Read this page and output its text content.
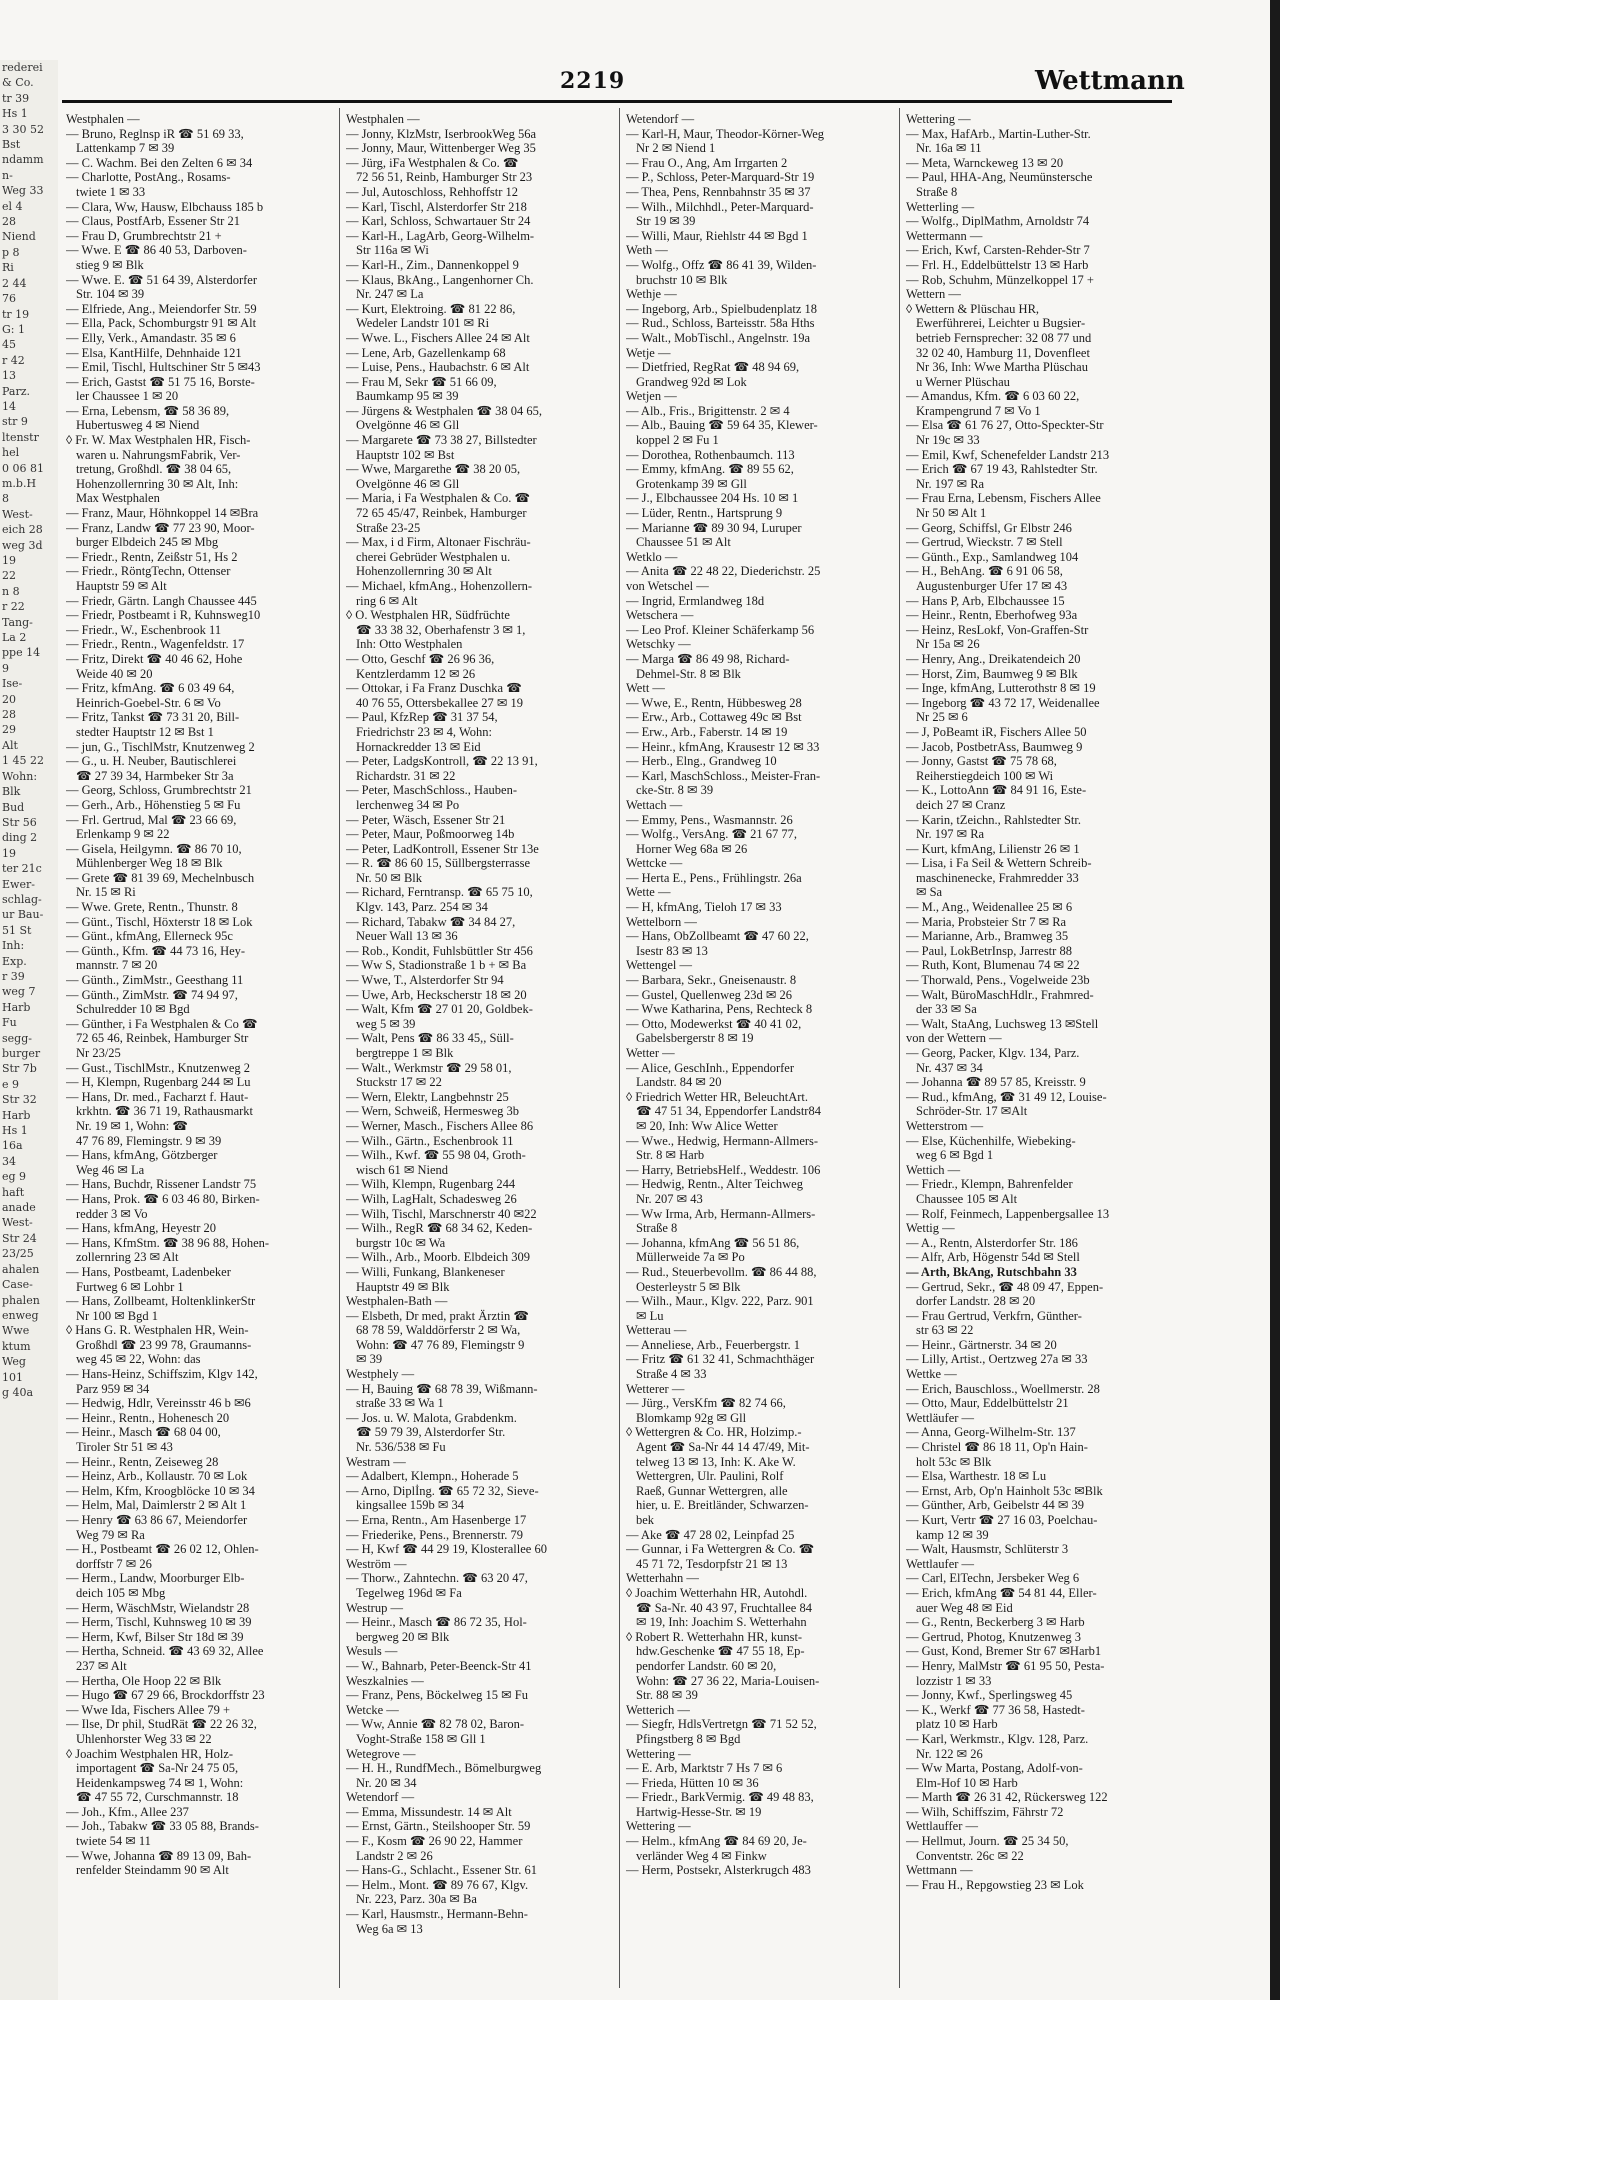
rederei
& Co.
tr 39
Hs 1
3 30 52
Bst
ndamm
n-
Weg 33
el 4
28
Niend
p 8
Ri
2 44
76
tr 19
G: 1
45
r 42
13
Parz.
14
str 9
ltenstr
hel
0 06 81
m.b.H
8
West-
eich 28
weg 3d
19
22
n 8
r 22
Tang-
La 2
ppe 14
9
Ise-
20
28
29
Alt
1 45 22
Wohn:
Blk
Bud
Str 56
ding 2
19
ter 21c
Ewer-
schlag-
ur Bau-
51 St
Inh:
Exp.
r 39
weg 7
Harb
Fu
segg-
burger
Str 7b
e 9
Str 32
Harb
Hs 1
16a
34
eg 9
haft
anade
West-
Str 24
23/25
ahalen
Case-
phalen
enweg
Wwe
ktum
Weg
101
g 40a
2219	Wettmann
Westphalen —
— Bruno, Reglnsp iR ☎ 51 69 33,
Lattenkamp 7 ✉ 39
— C. Wachm. Bei den Zelten 6 ✉ 34
— Charlotte, PostAng., Rosams-
twiete 1 ✉ 33
— Clara, Ww, Hausw, Elbchauss 185 b
— Claus, PostfArb, Essener Str 21
— Frau D, Grumbrechtstr 21 +
— Wwe. E ☎ 86 40 53, Darboven-
stieg 9 ✉ Blk
— Wwe. E. ☎ 51 64 39, Alsterdorfer
Str. 104 ✉ 39
— Elfriede, Ang., Meiendorfer Str. 59
— Ella, Pack, Schomburgstr 91 ✉ Alt
— Elly, Verk., Amandastr. 35 ✉ 6
— Elsa, KantHilfe, Dehnhaide 121
— Emil, Tischl, Hultschiner Str 5 ✉43
— Erich, Gastst ☎ 51 75 16, Borste-
ler Chaussee 1 ✉ 20
— Erna, Lebensm, ☎ 58 36 89,
Hubertusweg 4 ✉ Niend
◊ Fr. W. Max Westphalen HR, Fisch-
waren u. NahrungsmFabrik, Ver-
tretung, Großhdl. ☎ 38 04 65,
Hohenzollernring 30 ✉ Alt, Inh:
Max Westphalen
— Franz, Maur, Höhnkoppel 14 ✉Bra
— Franz, Landw ☎ 77 23 90, Moor-
burger Elbdeich 245 ✉ Mbg
— Friedr., Rentn, Zeißstr 51, Hs 2
— Friedr., RöntgTechn, Ottenser
Hauptstr 59 ✉ Alt
— Friedr, Gärtn. Langh Chaussee 445
— Friedr, Postbeamt i R, Kuhnsweg10
— Friedr., W., Eschenbrook 11
— Friedr., Rentn., Wagenfeldstr. 17
— Fritz, Direkt ☎ 40 46 62, Hohe
Weide 40 ✉ 20
— Fritz, kfmAng. ☎ 6 03 49 64,
Heinrich-Goebel-Str. 6 ✉ Vo
— Fritz, Tankst ☎ 73 31 20, Bill-
stedter Hauptstr 12 ✉ Bst 1
— jun, G., TischlMstr, Knutzenweg 2
— G., u. H. Neuber, Bautischlerei
☎ 27 39 34, Harmbeker Str 3a
— Georg, Schloss, Grumbrechtstr 21
— Gerh., Arb., Höhenstieg 5 ✉ Fu
— Frl. Gertrud, Mal ☎ 23 66 69,
Erlenkamp 9 ✉ 22
— Gisela, Heilgymn. ☎ 86 70 10,
Mühlenberger Weg 18 ✉ Blk
— Grete ☎ 81 39 69, Mechelnbusch
Nr. 15 ✉ Ri
— Wwe. Grete, Rentn., Thunstr. 8
— Günt., Tischl, Höxterstr 18 ✉ Lok
— Günt., kfmAng, Ellerneck 95c
— Günth., Kfm. ☎ 44 73 16, Hey-
mannstr. 7 ✉ 20
— Günth., ZimMstr., Geesthang 11
— Günth., ZimMstr. ☎ 74 94 97,
Schulredder 10 ✉ Bgd
— Günther, i Fa Westphalen & Co ☎
72 65 46, Reinbek, Hamburger Str
Nr 23/25
— Gust., TischlMstr., Knutzenweg 2
— H, Klempn, Rugenbarg 244 ✉ Lu
— Hans, Dr. med., Facharzt f. Haut-
krkhtn. ☎ 36 71 19, Rathausmarkt
Nr. 19 ✉ 1, Wohn: ☎
47 76 89, Flemingstr. 9 ✉ 39
— Hans, kfmAng, Götzberger
Weg 46 ✉ La
— Hans, Buchdr, Rissener Landstr 75
— Hans, Prok. ☎ 6 03 46 80, Birken-
redder 3 ✉ Vo
— Hans, kfmAng, Heyestr 20
— Hans, KfmStm. ☎ 38 96 88, Hohen-
zollernring 23 ✉ Alt
— Hans, Postbeamt, Ladenbeker
Furtweg 6 ✉ Lohbr 1
— Hans, Zollbeamt, HoltenklinkerStr
Nr 100 ✉ Bgd 1
◊ Hans G. R. Westphalen HR, Wein-
Großhdl ☎ 23 99 78, Graumanns-
weg 45 ✉ 22, Wohn: das
— Hans-Heinz, Schiffszim, Klgv 142,
Parz 959 ✉ 34
— Hedwig, Hdlr, Vereinsstr 46 b ✉6
— Heinr., Rentn., Hohenesch 20
— Heinr., Masch ☎ 68 04 00,
Tiroler Str 51 ✉ 43
— Heinr., Rentn, Zeiseweg 28
— Heinz, Arb., Kollaustr. 70 ✉ Lok
— Helm, Kfm, Kroogblöcke 10 ✉ 34
— Helm, Mal, Daimlerstr 2 ✉ Alt 1
— Henry ☎ 63 86 67, Meiendorfer
Weg 79 ✉ Ra
— H., Postbeamt ☎ 26 02 12, Ohlen-
dorffstr 7 ✉ 26
— Herm., Landw, Moorburger Elb-
deich 105 ✉ Mbg
— Herm, WäschMstr, Wielandstr 28
— Herm, Tischl, Kuhnsweg 10 ✉ 39
— Herm, Kwf, Bilser Str 18d ✉ 39
— Hertha, Schneid. ☎ 43 69 32, Allee
237 ✉ Alt
— Hertha, Ole Hoop 22 ✉ Blk
— Hugo ☎ 67 29 66, Brockdorffstr 23
— Wwe Ida, Fischers Allee 79 +
— Ilse, Dr phil, StudRät ☎ 22 26 32,
Uhlenhorster Weg 33 ✉ 22
◊ Joachim Westphalen HR, Holz-
importagent ☎ Sa-Nr 24 75 05,
Heidenkampsweg 74 ✉ 1, Wohn:
☎ 47 55 72, Curschmannstr. 18
— Joh., Kfm., Allee 237
— Joh., Tabakw ☎ 33 05 88, Brands-
twiete 54 ✉ 11
— Wwe, Johanna ☎ 89 13 09, Bah-
renfelder Steindamm 90 ✉ Alt
Westphalen —
— Jonny, KlzMstr, IserbrookWeg 56a
— Jonny, Maur, Wittenberger Weg 35
— Jürg, iFa Westphalen & Co. ☎
72 56 51, Reinb, Hamburger Str 23
— Jul, Autoschloss, Rehhoffstr 12
— Karl, Tischl, Alsterdorfer Str 218
— Karl, Schloss, Schwartauer Str 24
— Karl-H., LagArb, Georg-Wilhelm-
Str 116a ✉ Wi
— Karl-H., Zim., Dannenkoppel 9
— Klaus, BkAng., Langenhorner Ch.
Nr. 247 ✉ La
— Kurt, Elektroing. ☎ 81 22 86,
Wedeler Landstr 101 ✉ Ri
— Wwe. L., Fischers Allee 24 ✉ Alt
— Lene, Arb, Gazellenkamp 68
— Luise, Pens., Haubachstr. 6 ✉ Alt
— Frau M, Sekr ☎ 51 66 09,
Baumkamp 95 ✉ 39
— Jürgens & Westphalen ☎ 38 04 65,
Ovelgönne 46 ✉ Gll
— Margarete ☎ 73 38 27, Billstedter
Hauptstr 102 ✉ Bst
— Wwe, Margarethe ☎ 38 20 05,
Ovelgönne 46 ✉ Gll
— Maria, i Fa Westphalen & Co. ☎
72 65 45/47, Reinbek, Hamburger
Straße 23-25
— Max, i d Firm, Altonaer Fischräu-
cherei Gebrüder Westphalen u.
Hohenzollernring 30 ✉ Alt
— Michael, kfmAng., Hohenzollern-
ring 6 ✉ Alt
◊ O. Westphalen HR, Südfrüchte
☎ 33 38 32, Oberhafenstr 3 ✉ 1,
Inh: Otto Westphalen
— Otto, Geschf ☎ 26 96 36,
Kentzlerdamm 12 ✉ 26
— Ottokar, i Fa Franz Duschka ☎
40 76 55, Ottersbekallee 27 ✉ 19
— Paul, KfzRep ☎ 31 37 54,
Friedrichstr 23 ✉ 4, Wohn:
Hornackredder 13 ✉ Eid
— Peter, LadgsKontroll, ☎ 22 13 91,
Richardstr. 31 ✉ 22
— Peter, MaschSchloss., Hauben-
lerchenweg 34 ✉ Po
— Peter, Wäsch, Essener Str 21
— Peter, Maur, Poßmoorweg 14b
— Peter, LadKontroll, Essener Str 13e
— R. ☎ 86 60 15, Süllbergsterrasse
Nr. 50 ✉ Blk
— Richard, Ferntransp. ☎ 65 75 10,
Klgv. 143, Parz. 254 ✉ 34
— Richard, Tabakw ☎ 34 84 27,
Neuer Wall 13 ✉ 36
— Rob., Kondit, Fuhlsbüttler Str 456
— Ww S, Stadionstraße 1 b + ✉ Ba
— Wwe, T., Alsterdorfer Str 94
— Uwe, Arb, Heckscherstr 18 ✉ 20
— Walt, Kfm ☎ 27 01 20, Goldbek-
weg 5 ✉ 39
— Walt, Pens ☎ 86 33 45,, Süll-
bergtreppe 1 ✉ Blk
— Walt., Werkmstr ☎ 29 58 01,
Stuckstr 17 ✉ 22
— Wern, Elektr, Langbehnstr 25
— Wern, Schweiß, Hermesweg 3b
— Werner, Masch., Fischers Allee 86
— Wilh., Gärtn., Eschenbrook 11
— Wilh., Kwf. ☎ 55 98 04, Groth-
wisch 61 ✉ Niend
— Wilh, Klempn, Rugenbarg 244
— Wilh, LagHalt, Schadesweg 26
— Wilh, Tischl, Marschnerstr 40 ✉22
— Wilh., RegR ☎ 68 34 62, Keden-
burgstr 10c ✉ Wa
— Wilh., Arb., Moorb. Elbdeich 309
— Willi, Funkang, Blankeneser
Hauptstr 49 ✉ Blk
Westphalen-Bath —
— Elsbeth, Dr med, prakt Ärztin ☎
68 78 59, Walddörferstr 2 ✉ Wa,
Wohn: ☎ 47 76 89, Flemingstr 9
✉ 39
Westphely —
— H, Bauing ☎ 68 78 39, Wißmann-
straße 33 ✉ Wa 1
— Jos. u. W. Malota, Grabdenkm.
☎ 59 79 39, Alsterdorfer Str.
Nr. 536/538 ✉ Fu
Westram —
— Adalbert, Klempn., Hoherade 5
— Arno, Diplİng. ☎ 65 72 32, Sieve-
kingsallee 159b ✉ 34
— Erna, Rentn., Am Hasenberge 17
— Friederike, Pens., Brennerstr. 79
— H, Kwf ☎ 44 29 19, Klosterallee 60
Weström —
— Thorw., Zahntechn. ☎ 63 20 47,
Tegelweg 196d ✉ Fa
Westrup —
— Heinr., Masch ☎ 86 72 35, Hol-
bergweg 20 ✉ Blk
Wesuls —
— W., Bahnarb, Peter-Beenck-Str 41
Weszkalnies —
— Franz, Pens, Böckelweg 15 ✉ Fu
Wetcke —
— Ww, Annie ☎ 82 78 02, Baron-
Voght-Straße 158 ✉ Gll 1
Wetegrove —
— H. H., RundfMech., Bömelburgweg
Nr. 20 ✉ 34
Wetendorf —
— Emma, Missundestr. 14 ✉ Alt
— Ernst, Gärtn., Steilshooper Str. 59
— F., Kosm ☎ 26 90 22, Hammer
Landstr 2 ✉ 26
— Hans-G., Schlacht., Essener Str. 61
— Helm., Mont. ☎ 89 76 67, Klgv.
Nr. 223, Parz. 30a ✉ Ba
— Karl, Hausmstr., Hermann-Behn-
Weg 6a ✉ 13
Wetendorf —
— Karl-H, Maur, Theodor-Körner-Weg
Nr 2 ✉ Niend 1
— Frau O., Ang, Am Irrgarten 2
— P., Schloss, Peter-Marquard-Str 19
— Thea, Pens, Rennbahnstr 35 ✉ 37
— Wilh., Milchhdl., Peter-Marquard-
Str 19 ✉ 39
— Willi, Maur, Riehlstr 44 ✉ Bgd 1
Weth —
— Wolfg., Offz ☎ 86 41 39, Wilden-
bruchstr 10 ✉ Blk
Wethje —
— Ingeborg, Arb., Spielbudenplatz 18
— Rud., Schloss, Barteisstr. 58a Hths
— Walt., MobTischl., Angelnstr. 19a
Wetje —
— Dietfried, RegRat ☎ 48 94 69,
Grandweg 92d ✉ Lok
Wetjen —
— Alb., Fris., Brigittenstr. 2 ✉ 4
— Alb., Bauing ☎ 59 64 35, Klewer-
koppel 2 ✉ Fu 1
— Dorothea, Rothenbaumch. 113
— Emmy, kfmAng. ☎ 89 55 62,
Grotenkamp 39 ✉ Gll
— J., Elbchaussee 204 Hs. 10 ✉ 1
— Lüder, Rentn., Hartsprung 9
— Marianne ☎ 89 30 94, Luruper
Chaussee 51 ✉ Alt
Wetklo —
— Anita ☎ 22 48 22, Diederichstr. 25
von Wetschel —
— Ingrid, Ermlandweg 18d
Wetschera —
— Leo Prof. Kleiner Schäferkamp 56
Wetschky —
— Marga ☎ 86 49 98, Richard-
Dehmel-Str. 8 ✉ Blk
Wett —
— Wwe, E., Rentn, Hübbesweg 28
— Erw., Arb., Cottaweg 49c ✉ Bst
— Erw., Arb., Faberstr. 14 ✉ 19
— Heinr., kfmAng, Krausestr 12 ✉ 33
— Herb., Elng., Grandweg 10
— Karl, MaschSchloss., Meister-Fran-
cke-Str. 8 ✉ 39
Wettach —
— Emmy, Pens., Wasmannstr. 26
— Wolfg., VersAng. ☎ 21 67 77,
Horner Weg 68a ✉ 26
Wettcke —
— Herta E., Pens., Frühlingstr. 26a
Wette —
— H, kfmAng, Tieloh 17 ✉ 33
Wettelborn —
— Hans, ObZollbeamt ☎ 47 60 22,
Isestr 83 ✉ 13
Wettengel —
— Barbara, Sekr., Gneisenaustr. 8
— Gustel, Quellenweg 23d ✉ 26
— Wwe Katharina, Pens, Rechteck 8
— Otto, Modewerkst ☎ 40 41 02,
Gabelsbergerstr 8 ✉ 19
Wetter —
— Alice, GeschInh., Eppendorfer
Landstr. 84 ✉ 20
◊ Friedrich Wetter HR, BeleuchtArt.
☎ 47 51 34, Eppendorfer Landstr84
✉ 20, Inh: Ww Alice Wetter
— Wwe., Hedwig, Hermann-Allmers-
Str. 8 ✉ Harb
— Harry, BetriebsHelf., Weddestr. 106
— Hedwig, Rentn., Alter Teichweg
Nr. 207 ✉ 43
— Ww Irma, Arb, Hermann-Allmers-
Straße 8
— Johanna, kfmAng ☎ 56 51 86,
Müllerweide 7a ✉ Po
— Rud., Steuerbevollm. ☎ 86 44 88,
Oesterleystr 5 ✉ Blk
— Wilh., Maur., Klgv. 222, Parz. 901
✉ Lu
Wetterau —
— Anneliese, Arb., Feuerbergstr. 1
— Fritz ☎ 61 32 41, Schmachthäger
Straße 4 ✉ 33
Wetterer —
— Jürg., VersKfm ☎ 82 74 66,
Blomkamp 92g ✉ Gll
◊ Wettergren & Co. HR, Holzimp.-
Agent ☎ Sa-Nr 44 14 47/49, Mit-
telweg 13 ✉ 13, Inh: K. Ake W.
Wettergren, Ulr. Paulini, Rolf
Raeß, Gunnar Wettergren, alle
hier, u. E. Breitländer, Schwarzen-
bek
— Ake ☎ 47 28 02, Leinpfad 25
— Gunnar, i Fa Wettergren & Co. ☎
45 71 72, Tesdorpfstr 21 ✉ 13
Wetterhahn —
◊ Joachim Wetterhahn HR, Autohdl.
☎ Sa-Nr. 40 43 97, Fruchtallee 84
✉ 19, Inh: Joachim S. Wetterhahn
◊ Robert R. Wetterhahn HR, kunst-
hdw.Geschenke ☎ 47 55 18, Ep-
pendorfer Landstr. 60 ✉ 20,
Wohn: ☎ 27 36 22, Maria-Louisen-
Str. 88 ✉ 39
Wetterich —
— Siegfr, HdlsVertretgn ☎ 71 52 52,
Pfingstberg 8 ✉ Bgd
Wettering —
— E. Arb, Marktstr 7 Hs 7 ✉ 6
— Frieda, Hütten 10 ✉ 36
— Friedr., BarkVermig. ☎ 49 48 83,
Hartwig-Hesse-Str. ✉ 19
Wettering —
— Helm., kfmAng ☎ 84 69 20, Je-
verländer Weg 4 ✉ Finkw
— Herm, Postsekr, Alsterkrugch 483
Wettering —
— Max, HafArb., Martin-Luther-Str.
Nr. 16a ✉ 11
— Meta, Warnckeweg 13 ✉ 20
— Paul, HHA-Ang, Neumünstersche
Straße 8
Wetterling —
— Wolfg., DiplMathm, Arnoldstr 74
Wettermann —
— Erich, Kwf, Carsten-Rehder-Str 7
— Frl. H., Eddelbüttelstr 13 ✉ Harb
— Rob, Schuhm, Münzelkoppel 17 +
Wettern —
◊ Wettern & Plüschau HR,
Ewerführerei, Leichter u Bugsier-
betrieb Fernsprecher: 32 08 77 und
32 02 40, Hamburg 11, Dovenfleet
Nr 36, Inh: Wwe Martha Plüschau
u Werner Plüschau
— Amandus, Kfm. ☎ 6 03 60 22,
Krampengrund 7 ✉ Vo 1
— Elsa ☎ 61 76 27, Otto-Speckter-Str
Nr 19c ✉ 33
— Emil, Kwf, Schenefelder Landstr 213
— Erich ☎ 67 19 43, Rahlstedter Str.
Nr. 197 ✉ Ra
— Frau Erna, Lebensm, Fischers Allee
Nr 50 ✉ Alt 1
— Georg, Schiffsl, Gr Elbstr 246
— Gertrud, Wieckstr. 7 ✉ Stell
— Günth., Exp., Samlandweg 104
— H., BehAng. ☎ 6 91 06 58,
Augustenburger Ufer 17 ✉ 43
— Hans P, Arb, Elbchaussee 15
— Heinr., Rentn, Eberhofweg 93a
— Heinz, ResLokf, Von-Graffen-Str
Nr 15a ✉ 26
— Henry, Ang., Dreikatendeich 20
— Horst, Zim, Baumweg 9 ✉ Blk
— Inge, kfmAng, Lutterothstr 8 ✉ 19
— Ingeborg ☎ 43 72 17, Weidenallee
Nr 25 ✉ 6
— J, PoBeamt iR, Fischers Allee 50
— Jacob, PostbetrAss, Baumweg 9
— Jonny, Gastst ☎ 75 78 68,
Reiherstiegdeich 100 ✉ Wi
— K., LottoAnn ☎ 84 91 16, Este-
deich 27 ✉ Cranz
— Karin, tZeichn., Rahlstedter Str.
Nr. 197 ✉ Ra
— Kurt, kfmAng, Lilienstr 26 ✉ 1
— Lisa, i Fa Seil & Wettern Schreib-
maschinenecke, Frahmredder 33
✉ Sa
— M., Ang., Weidenallee 25 ✉ 6
— Maria, Probsteier Str 7 ✉ Ra
— Marianne, Arb., Bramweg 35
— Paul, LokBetrInsp, Jarrestr 88
— Ruth, Kont, Blumenau 74 ✉ 22
— Thorwald, Pens., Vogelweide 23b
— Walt, BüroMaschHdlr., Frahmred-
der 33 ✉ Sa
— Walt, StaAng, Luchsweg 13 ✉Stell
von der Wettern —
— Georg, Packer, Klgv. 134, Parz.
Nr. 437 ✉ 34
— Johanna ☎ 89 57 85, Kreisstr. 9
— Rud., kfmAng, ☎ 31 49 12, Louise-
Schröder-Str. 17 ✉Alt
Wetterstrom —
— Else, Küchenhilfe, Wiebeking-
weg 6 ✉ Bgd 1
Wettich —
— Friedr., Klempn, Bahrenfelder
Chaussee 105 ✉ Alt
— Rolf, Feinmech, Lappenbergsallee 13
Wettig —
— A., Rentn, Alsterdorfer Str. 186
— Alfr, Arb, Högenstr 54d ✉ Stell
— Arth, BkAng, Rutschbahn 33
— Gertrud, Sekr., ☎ 48 09 47, Eppen-
dorfer Landstr. 28 ✉ 20
— Frau Gertrud, Verkfrn, Günther-
str 63 ✉ 22
— Heinr., Gärtnerstr. 34 ✉ 20
— Lilly, Artist., Oertzweg 27a ✉ 33
Wettke —
— Erich, Bauschloss., Woellmerstr. 28
— Otto, Maur, Eddelbüttelstr 21
Wettläufer —
— Anna, Georg-Wilhelm-Str. 137
— Christel ☎ 86 18 11, Op'n Hain-
holt 53c ✉ Blk
— Elsa, Warthestr. 18 ✉ Lu
— Ernst, Arb, Op'n Hainholt 53c ✉Blk
— Günther, Arb, Geibelstr 44 ✉ 39
— Kurt, Vertr ☎ 27 16 03, Poelchau-
kamp 12 ✉ 39
— Walt, Hausmstr, Schlüterstr 3
Wettlaufer —
— Carl, ElTechn, Jersbeker Weg 6
— Erich, kfmAng ☎ 54 81 44, Eller-
auer Weg 48 ✉ Eid
— G., Rentn, Beckerberg 3 ✉ Harb
— Gertrud, Photog, Knutzenweg 3
— Gust, Kond, Bremer Str 67 ✉Harb1
— Henry, MalMstr ☎ 61 95 50, Pesta-
lozzistr 1 ✉ 33
— Jonny, Kwf., Sperlingsweg 45
— K., Werkf ☎ 77 36 58, Hastedt-
platz 10 ✉ Harb
— Karl, Werkmstr., Klgv. 128, Parz.
Nr. 122 ✉ 26
— Ww Marta, Postang, Adolf-von-
Elm-Hof 10 ✉ Harb
— Marth ☎ 26 31 42, Rückersweg 122
— Wilh, Schiffszim, Fährstr 72
Wettlauffer —
— Hellmut, Journ. ☎ 25 34 50,
Conventstr. 26c ✉ 22
Wettmann —
— Frau H., Repgowstieg 23 ✉ Lok
